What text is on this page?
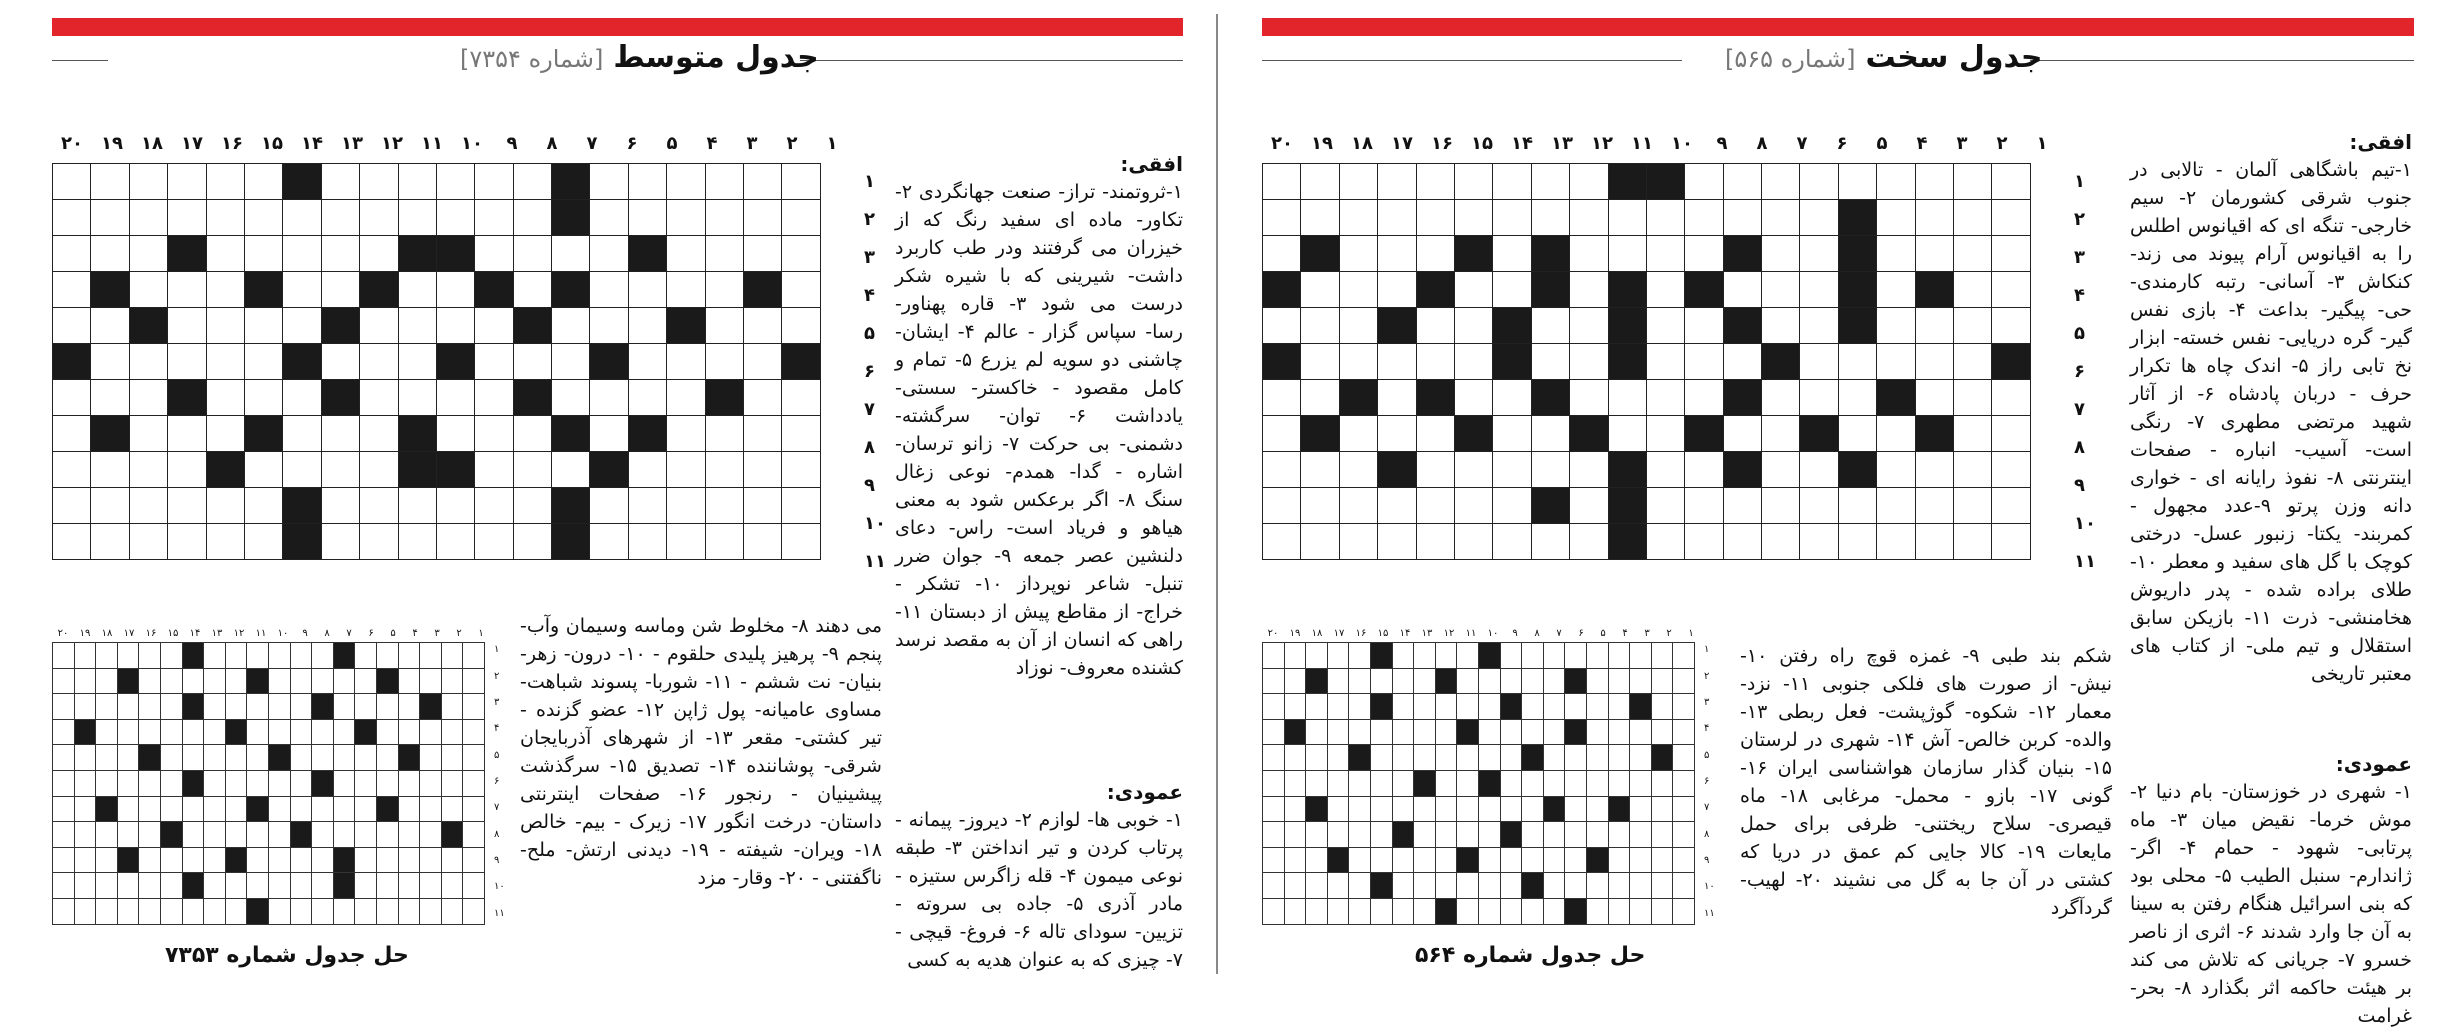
جدول سخت[شماره ۵۶۵]
۲۰	۱۹	۱۸	۱۷	۱۶	۱۵	۱۴	۱۳	۱۲	۱۱	۱۰	۹	۸	۷	۶	۵	۴	۳	۲	۱

۱
۲
۳
۴
۵
۶
۷
۸
۹
۱۰
۱۱
افقی:

۱-تیم باشگاهی آلمان - تالابی در جنوب شرقی کشورمان ۲- سیم خارجی- تنگه ای که اقیانوس اطلس را به اقیانوس آرام پیوند می زند- کنکاش ۳- آسانی- رتبه کارمندی- حی- پیگیر- بداعت ۴- بازی نفس گیر- گره دریایی- نفس خسته- ابزار نخ تابی راز ۵- اندک چاه ها تکرار حرف - دربان پادشاه ۶- از آثار شهید مرتضی مطهری ۷- رنگی است- آسیب- انباره - صفحات اینترنتی ۸- نفوذ رایانه ای - خواری دانه وزن پرتو ۹-عدد مجهول - کمربند- یکتا- زنبور عسل- درختی کوچک با گل های سفید و معطر ۱۰- طلای براده شده - پدر داریوش هخامنشی- ذرت ۱۱- بازیکن سابق استقلال و تیم ملی- از کتاب های معتبر تاریخی

عمودی:

۱- شهری در خوزستان- بام دنیا ۲- موش خرما- نقیض میان ۳- ماه پرتابی- شهود - حمام ۴- اگر- ژاندارم- سنبل الطیب ۵- محلی بود که بنی اسرائیل هنگام رفتن به سینا به آن جا وارد شدند ۶- اثری از ناصر خسرو ۷- جریانی که تلاش می کند بر هیئت حاکمه اثر بگذارد ۸- بحر- غرامت

شکم بند طبی ۹- غمزه قوچ راه رفتن ۱۰- نیش- از صورت های فلکی جنوبی ۱۱- نزد- معمار ۱۲- شکوه- گوژپشت- فعل ربطی ۱۳- والده- کربن خالص- آش ۱۴- شهری در لرستان ۱۵- بنیان گذار سازمان هواشناسی ایران ۱۶- گونی ۱۷- بازو - محمل- مرغابی ۱۸- ماه قیصری- سلاح ریختنی- ظرفی برای حمل مایعات ۱۹- کالا جایی کم عمق در دریا که کشتی در آن جا به گل می نشیند ۲۰- لهیب- گردآگرد

۲۰	۱۹	۱۸	۱۷	۱۶	۱۵	۱۴	۱۳	۱۲	۱۱	۱۰	۹	۸	۷	۶	۵	۴	۳	۲	۱

۱
۲
۳
۴
۵
۶
۷
۸
۹
۱۰
۱۱
حل جدول شماره ۵۶۴
جدول متوسط[شماره ۷۳۵۴]
۲۰	۱۹	۱۸	۱۷	۱۶	۱۵	۱۴	۱۳	۱۲	۱۱	۱۰	۹	۸	۷	۶	۵	۴	۳	۲	۱

۱
۲
۳
۴
۵
۶
۷
۸
۹
۱۰
۱۱
افقی:

۱-ثروتمند- تراز- صنعت جهانگردی ۲- تکاور- ماده ای سفید رنگ که از خیزران می گرفتند ودر طب کاربرد داشت- شیرینی که با شیره شکر درست می شود ۳- قاره پهناور- رسا- سپاس گزار - عالم ۴- ایشان- چاشنی دو سویه لم یزرع ۵- تمام و کامل مقصود - خاکستر- سستی- یادداشت ۶- توان- سرگشته- دشمنی- بی حرکت ۷- زانو ترسان- اشاره - گدا- همدم- نوعی زغال سنگ ۸- اگر برعکس شود به معنی هیاهو و فریاد است- راس- دعای دلنشین عصر جمعه ۹- جوان ضرر تنبل- شاعر نوپرداز ۱۰- تشکر - خراج- از مقاطع پیش از دبستان ۱۱- راهی که انسان از آن به مقصد نرسد کشنده معروف- نوزاد

عمودی:

۱- خوبی ها- لوازم ۲- دیروز- پیمانه - پرتاب کردن و تیر انداختن ۳- طبقه نوعی میمون ۴- قله زاگرس ستیزه - مادر آذری ۵- جاده بی سروته - تزیین- سودای تاله ۶- فروغ- قیچی - ۷- چیزی که به عنوان هدیه به کسی

می دهند ۸- مخلوط شن وماسه وسیمان وآب- پنجم ۹- پرهیز پلیدی حلقوم - ۱۰- درون- زهر- بنیان- نت ششم - ۱۱- شوربا- پسوند شباهت- مساوی عامیانه- پول ژاپن ۱۲- عضو گزنده - تیر کشتی- مقعر ۱۳- از شهرهای آذربایجان شرقی- پوشاننده ۱۴- تصدیق ۱۵- سرگذشت پیشینیان - رنجور ۱۶- صفحات اینترنتی داستان- درخت انگور ۱۷- زیرک - بیم- خالص ۱۸- ویران- شیفته - ۱۹- دیدنی ارتش- ملح- ناگفتنی - ۲۰- وقار- مزد

۲۰	۱۹	۱۸	۱۷	۱۶	۱۵	۱۴	۱۳	۱۲	۱۱	۱۰	۹	۸	۷	۶	۵	۴	۳	۲	۱

۱
۲
۳
۴
۵
۶
۷
۸
۹
۱۰
۱۱
حل جدول شماره ۷۳۵۳
